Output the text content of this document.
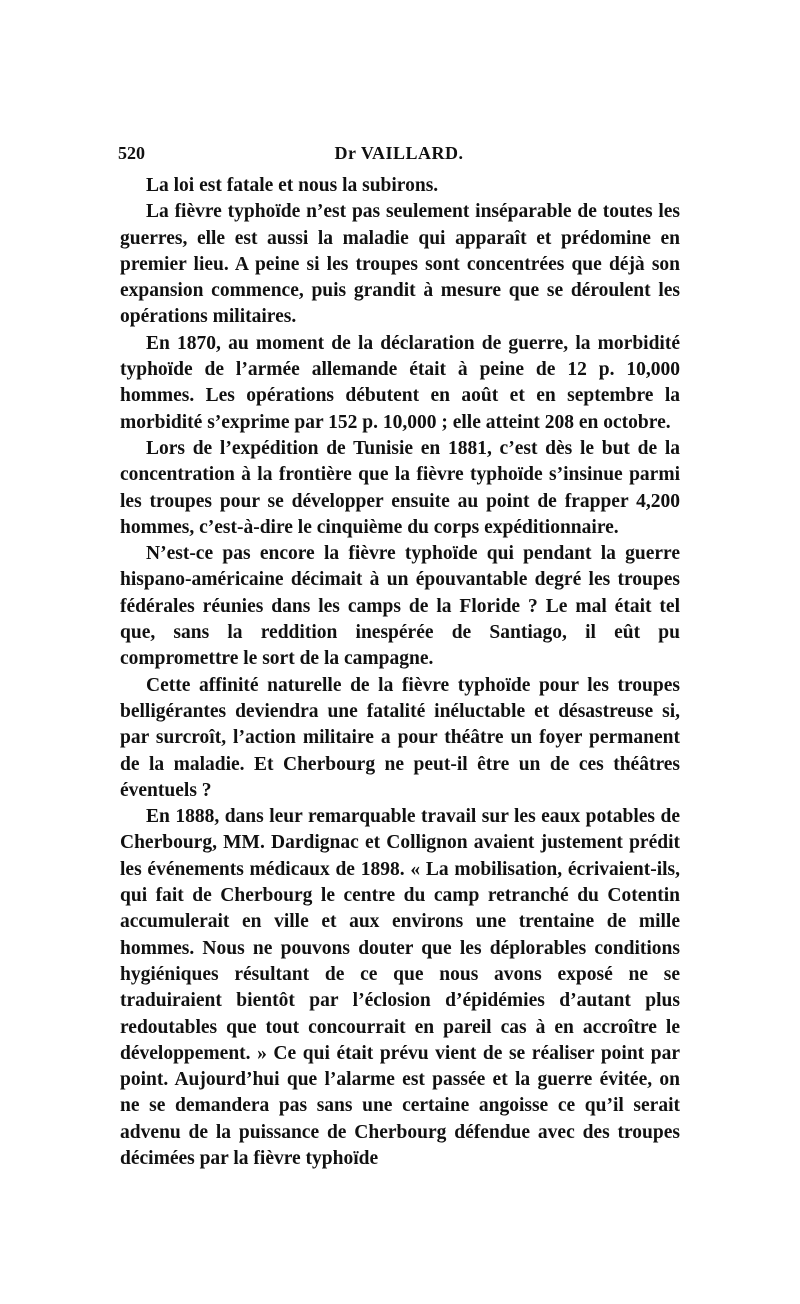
520	Dr VAILLARD.

La loi est fatale et nous la subirons.

La fièvre typhoïde n’est pas seulement inséparable de toutes les guerres, elle est aussi la maladie qui apparaît et prédomine en premier lieu. A peine si les troupes sont concentrées que déjà son expansion commence, puis grandit à mesure que se déroulent les opérations militaires.

En 1870, au moment de la déclaration de guerre, la morbidité typhoïde de l’armée allemande était à peine de 12 p. 10,000 hommes. Les opérations débutent en août et en septembre la morbidité s’exprime par 152 p. 10,000 ; elle atteint 208 en octobre.

Lors de l’expédition de Tunisie en 1881, c’est dès le but de la concentration à la frontière que la fièvre typhoïde s’insinue parmi les troupes pour se développer ensuite au point de frapper 4,200 hommes, c’est-à-dire le cinquième du corps expéditionnaire.

N’est-ce pas encore la fièvre typhoïde qui pendant la guerre hispano-américaine décimait à un épouvantable degré les troupes fédérales réunies dans les camps de la Floride ? Le mal était tel que, sans la reddition inespérée de Santiago, il eût pu compromettre le sort de la campagne.

Cette affinité naturelle de la fièvre typhoïde pour les troupes belligérantes deviendra une fatalité inéluctable et désastreuse si, par surcroît, l’action militaire a pour théâtre un foyer permanent de la maladie. Et Cherbourg ne peut-il être un de ces théâtres éventuels ?

En 1888, dans leur remarquable travail sur les eaux potables de Cherbourg, MM. Dardignac et Collignon avaient justement prédit les événements médicaux de 1898. « La mobilisation, écrivaient-ils, qui fait de Cherbourg le centre du camp retranché du Cotentin accumulerait en ville et aux environs une trentaine de mille hommes. Nous ne pouvons douter que les déplorables conditions hygiéniques résultant de ce que nous avons exposé ne se traduiraient bientôt par l’éclosion d’épidémies d’autant plus redoutables que tout concourrait en pareil cas à en accroître le développement. » Ce qui était prévu vient de se réaliser point par point. Aujourd’hui que l’alarme est passée et la guerre évitée, on ne se demandera pas sans une certaine angoisse ce qu’il serait advenu de la puissance de Cherbourg défendue avec des troupes décimées par la fièvre typhoïde
